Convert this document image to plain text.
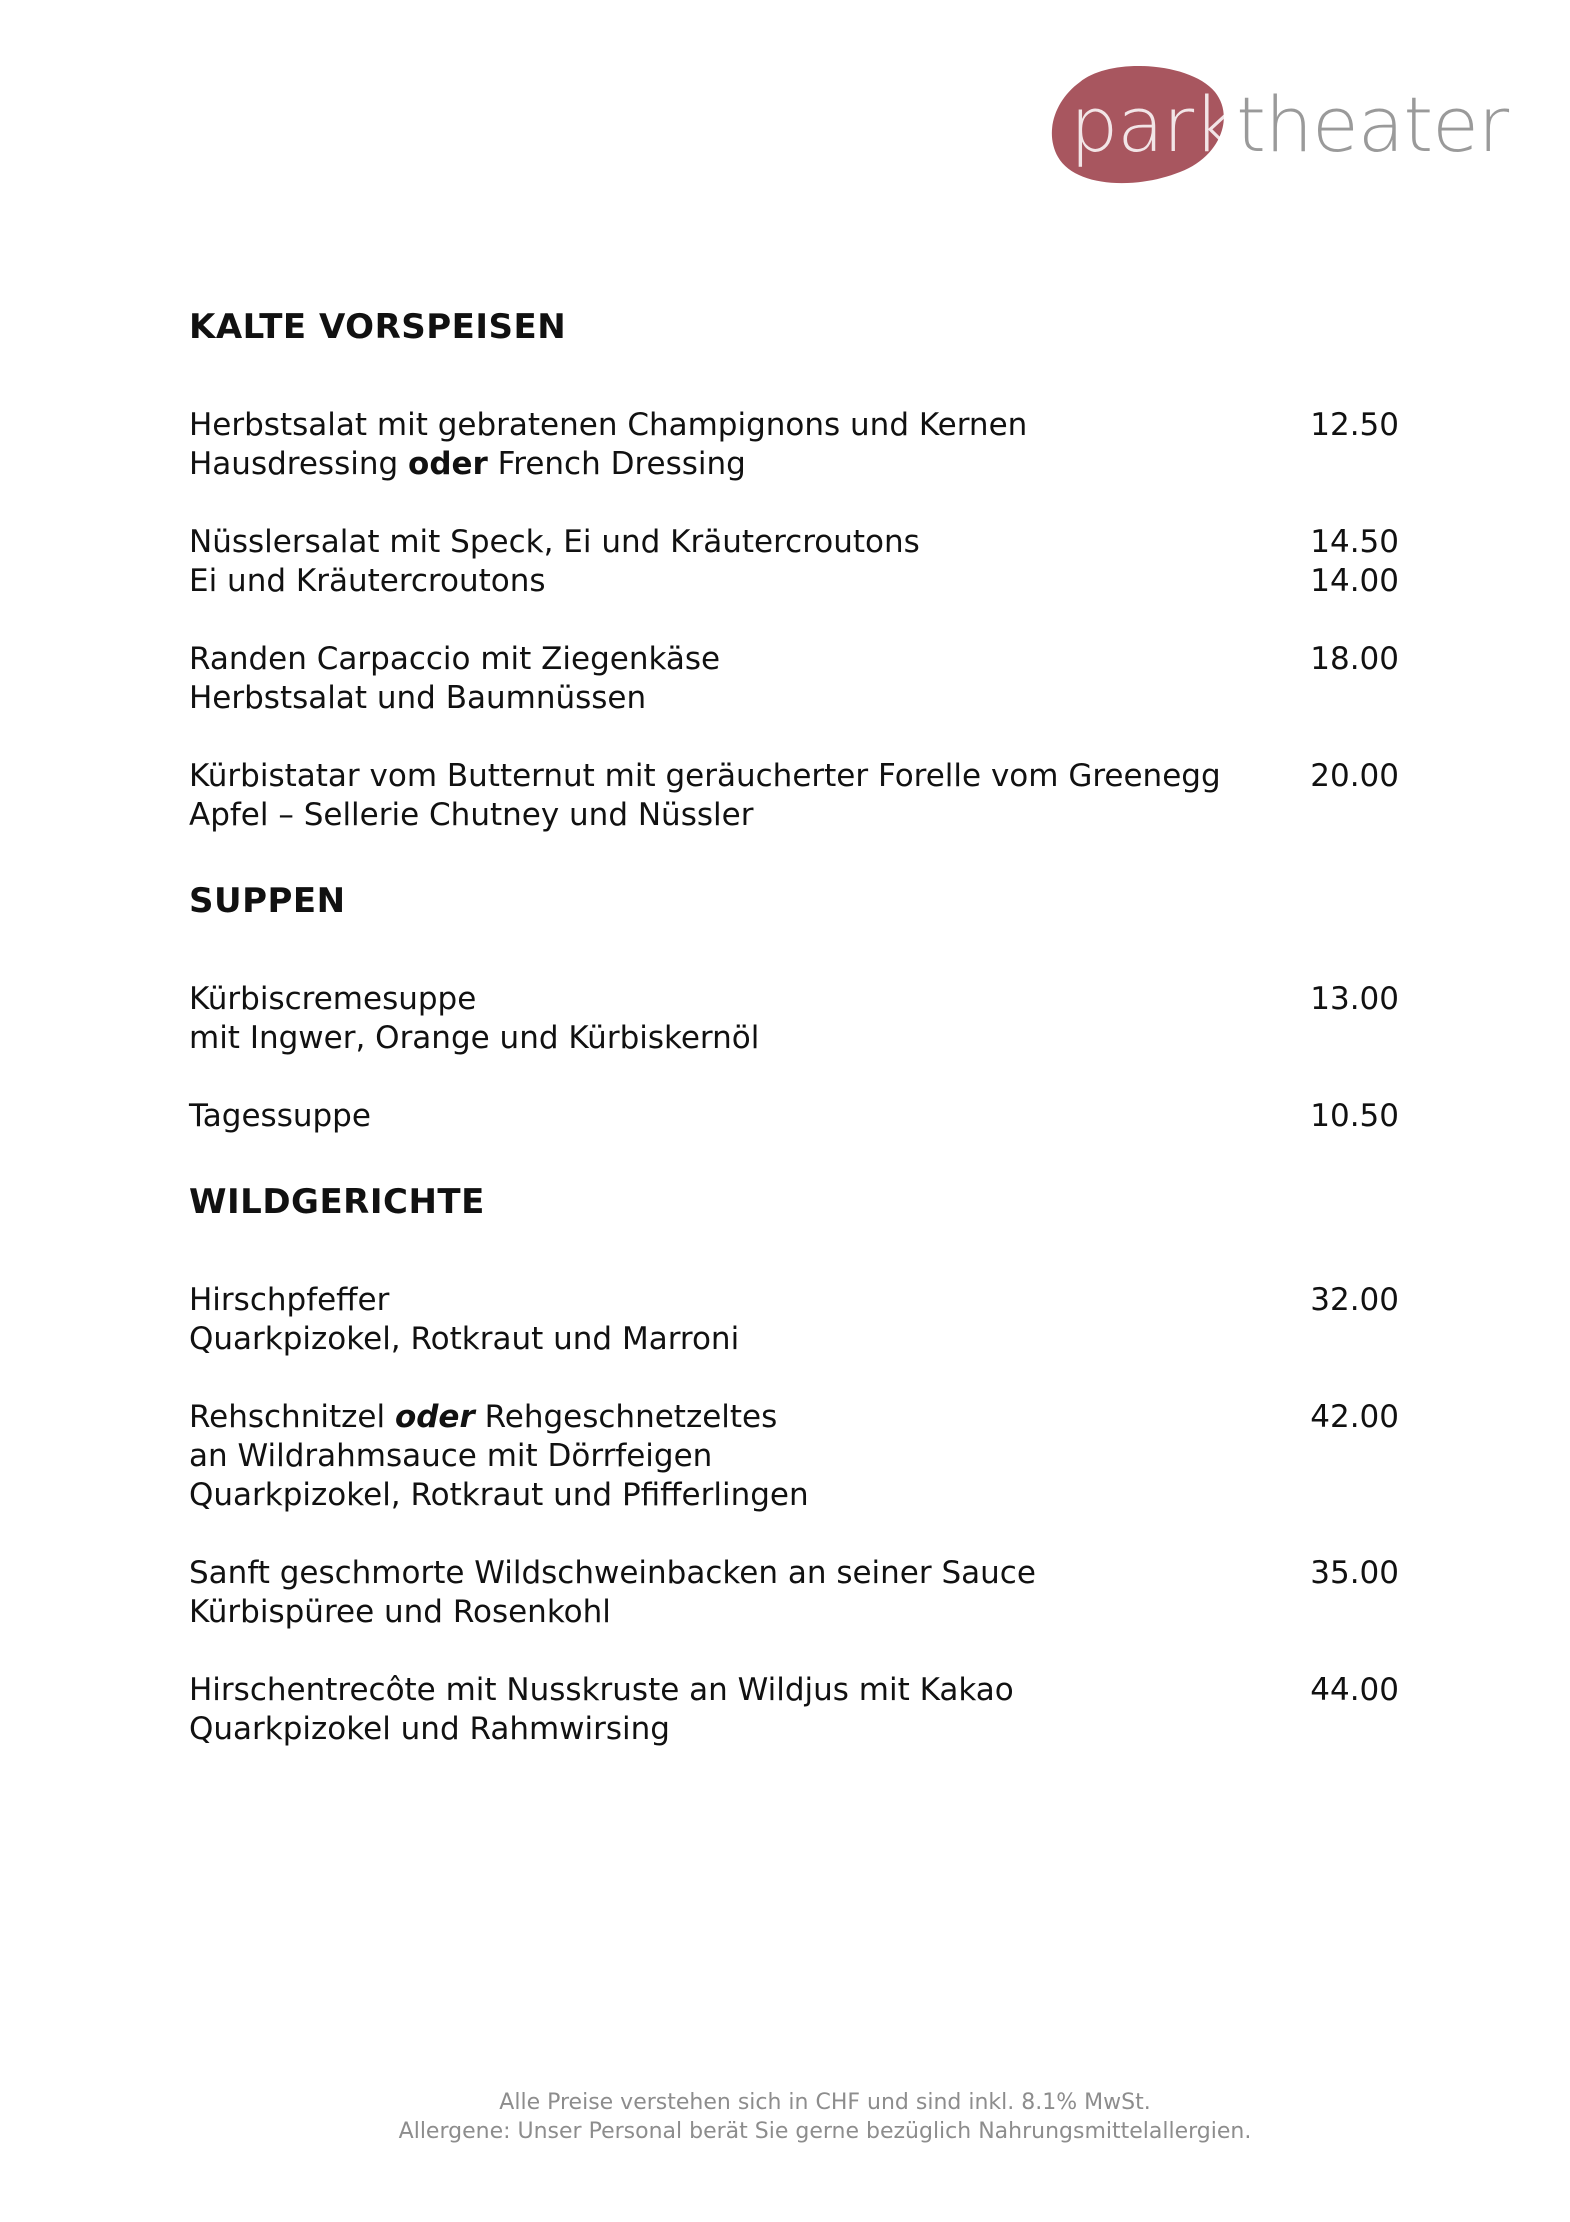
parktheater
KALTE VORSPEISEN
Herbstsalat mit gebratenen Champignons und Kernen
Hausdressing oder French Dressing
12.50
Nüsslersalat mit Speck, Ei und Kräutercroutons
Ei und Kräutercroutons
14.50
14.00
Randen Carpaccio mit Ziegenkäse
Herbstsalat und Baumnüssen
18.00
Kürbistatar vom Butternut mit geräucherter Forelle vom Greenegg
Apfel – Sellerie Chutney und Nüssler
20.00
SUPPEN
Kürbiscremesuppe
mit Ingwer, Orange und Kürbiskernöl
13.00
Tagessuppe	10.50
WILDGERICHTE
Hirschpfeffer
Quarkpizokel, Rotkraut und Marroni
32.00
Rehschnitzel oder Rehgeschnetzeltes
an Wildrahmsauce mit Dörrfeigen
Quarkpizokel, Rotkraut und Pfifferlingen
42.00
Sanft geschmorte Wildschweinbacken an seiner Sauce
Kürbispüree und Rosenkohl
35.00
Hirschentrecôte mit Nusskruste an Wildjus mit Kakao
Quarkpizokel und Rahmwirsing
44.00
Alle Preise verstehen sich in CHF und sind inkl. 8.1% MwSt.
Allergene: Unser Personal berät Sie gerne bezüglich Nahrungsmittelallergien.
